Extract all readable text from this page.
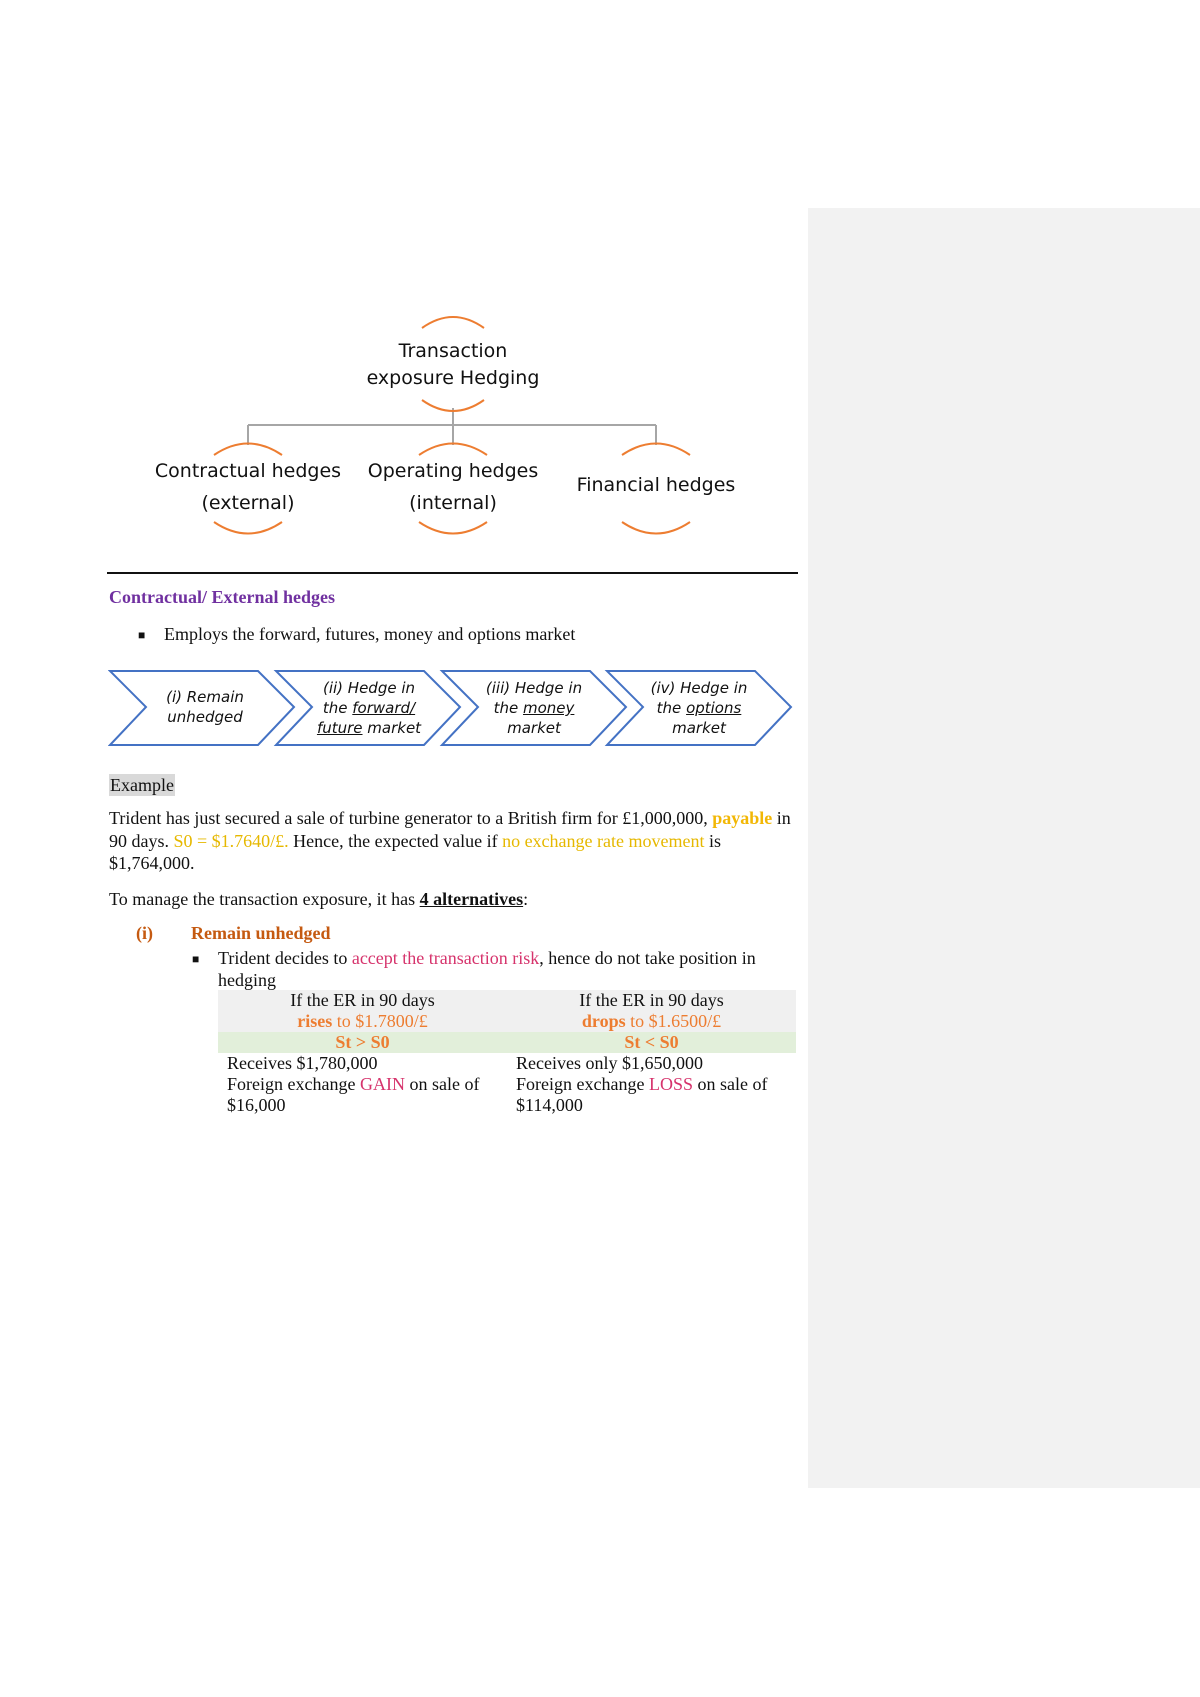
Transaction
exposure Hedging
Contractual hedges
(external)
Operating hedges
(internal)
Financial hedges
Contractual/ External hedges
■ Employs the forward, futures, money and options market
(i) Remain unhedged
(ii) Hedge in the forward/ future market
(iii) Hedge in the money market
(iv) Hedge in the options market
Example
Trident has just secured a sale of turbine generator to a British firm for £1,000,000, payable in 90 days. S0 = $1.7640/£. Hence, the expected value if no exchange rate movement is $1,764,000.
To manage the transaction exposure, it has 4 alternatives:
(i) Remain unhedged
■ Trident decides to accept the transaction risk, hence do not take position in hedging
If the ER in 90 days
rises to $1.7800/£
If the ER in 90 days
drops to $1.6500/£
St > S0	St < S0
Receives $1,780,000
Foreign exchange GAIN on sale of
$16,000
Receives only $1,650,000
Foreign exchange LOSS on sale of
$114,000
